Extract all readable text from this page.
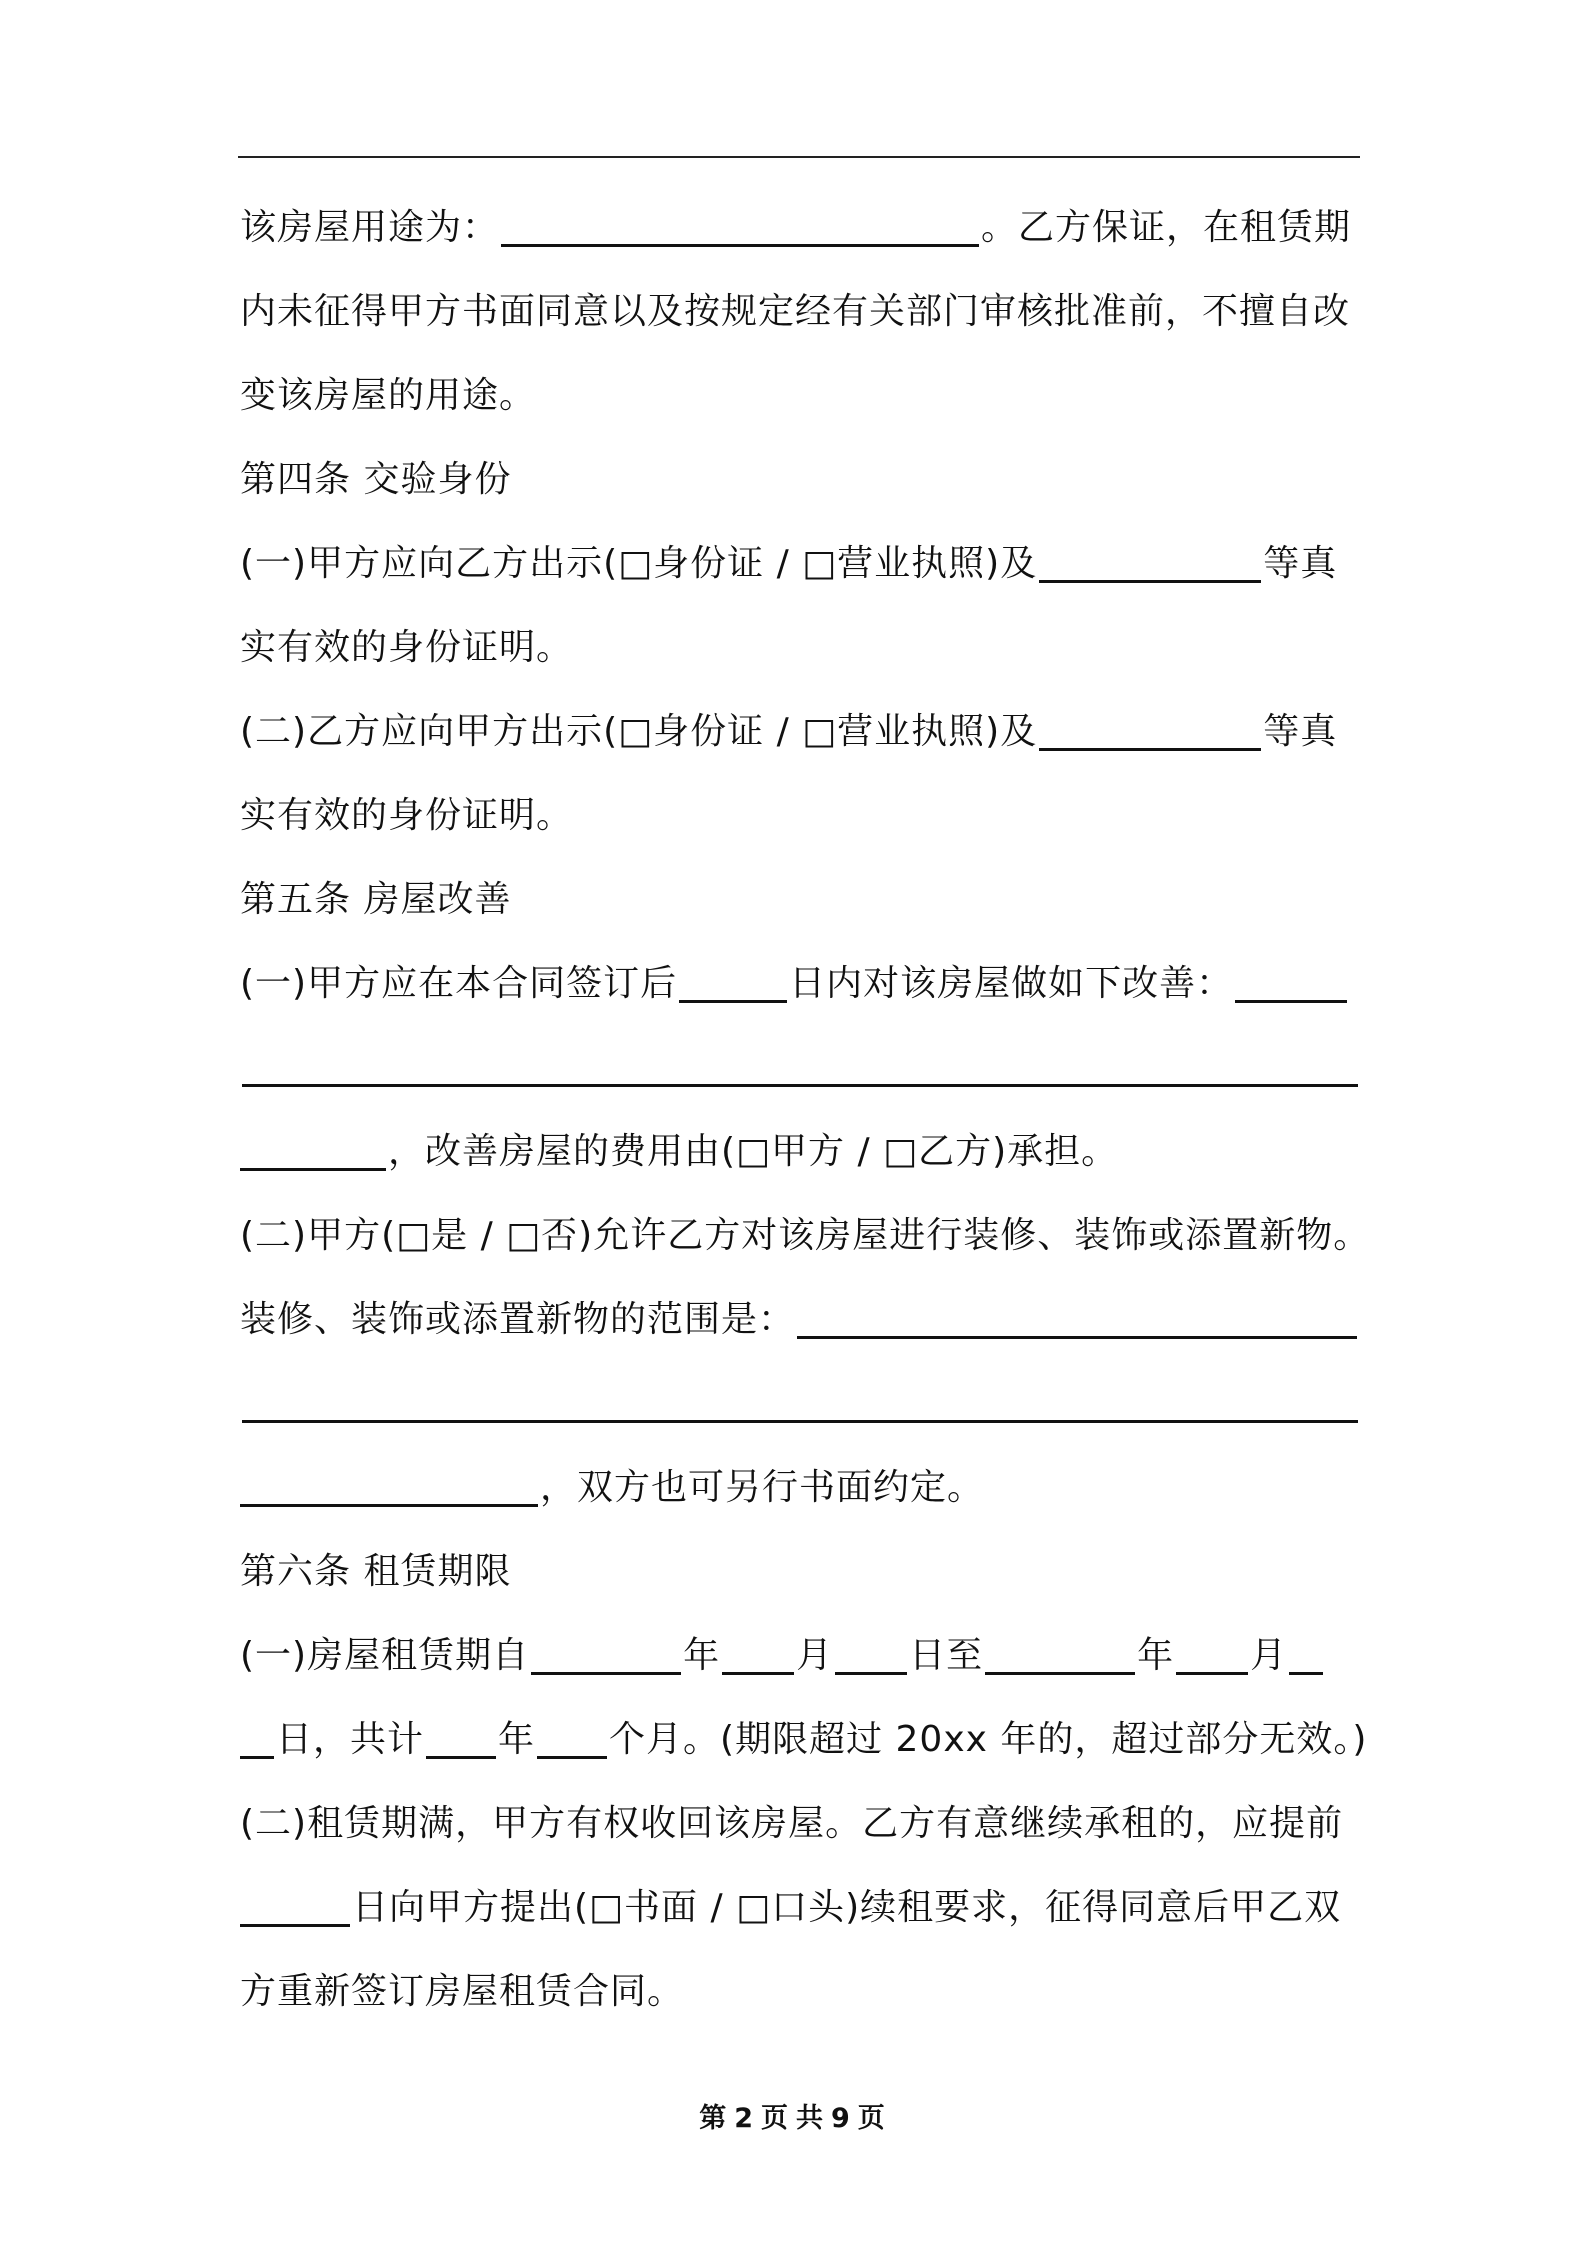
该房屋用途为：	。乙方保证，在租赁期
内未征得甲方书面同意以及按规定经有关部门审核批准前，不擅自改
变该房屋的用途。
第四条 交验身份
(一)甲方应向乙方出示(□身份证 / □营业执照)及	等真
实有效的身份证明。
(二)乙方应向甲方出示(□身份证 / □营业执照)及	等真
实有效的身份证明。
第五条 房屋改善
(一)甲方应在本合同签订后	日内对该房屋做如下改善：
，改善房屋的费用由(□甲方 / □乙方)承担。
(二)甲方(□是 / □否)允许乙方对该房屋进行装修、装饰或添置新物。
装修、装饰或添置新物的范围是：
，双方也可另行书面约定。
第六条 租赁期限
(一)房屋租赁期自	年 月 日至	年 月
日，共计 年 个月。(期限超过 20xx 年的，超过部分无效。)
(二)租赁期满，甲方有权收回该房屋。乙方有意继续承租的，应提前
日向甲方提出(□书面 / □口头)续租要求，征得同意后甲乙双
方重新签订房屋租赁合同。
第 2 页 共 9 页
